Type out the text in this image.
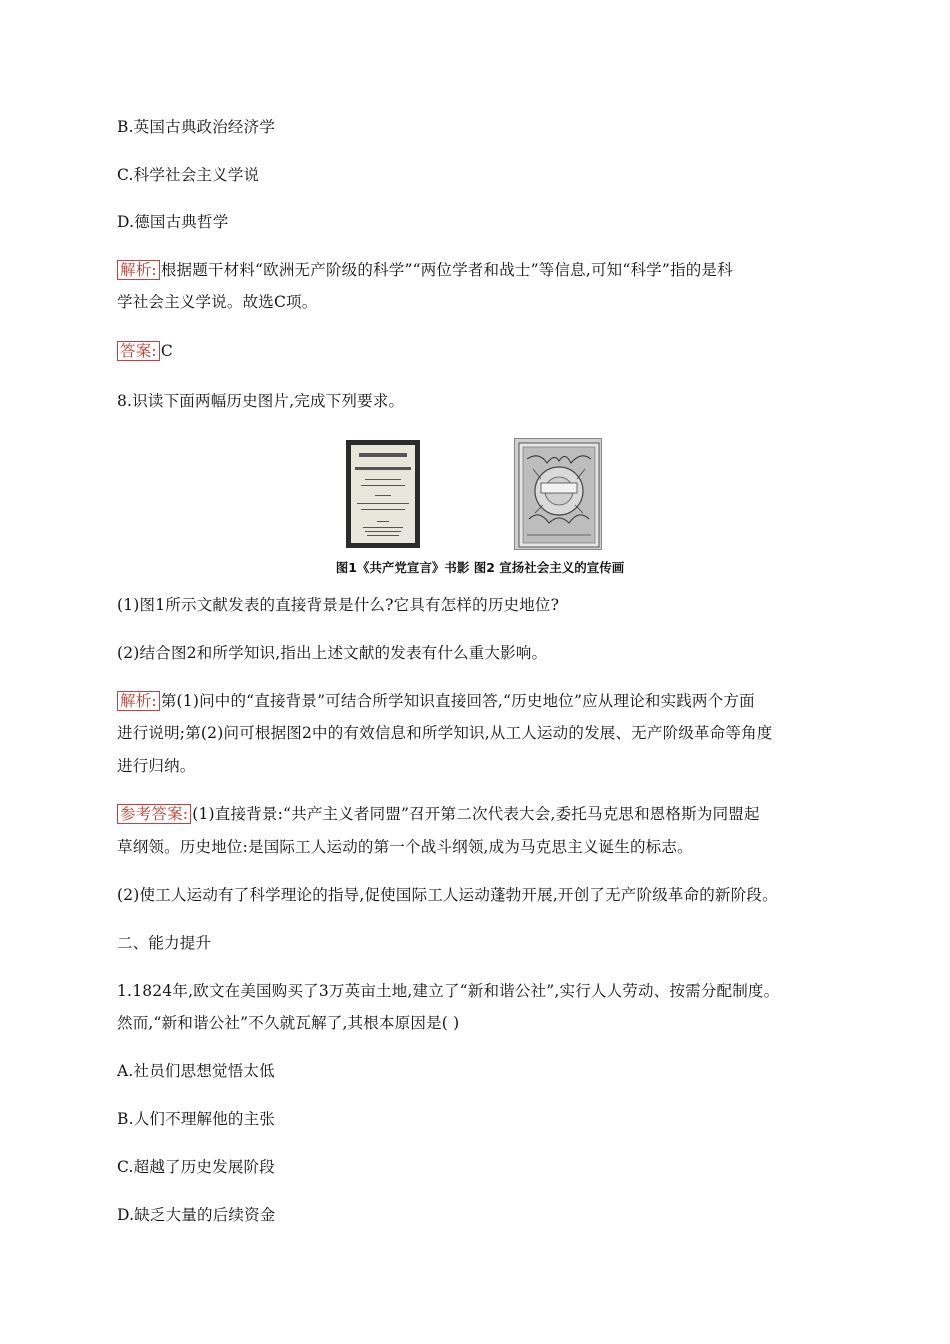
B.英国古典政治经济学
C.科学社会主义学说
D.德国古典哲学
解析: 根据题干材料“欧洲无产阶级的科学”“两位学者和战士”等信息,可知“科学”指的是科
学社会主义学说。故选C项。
答案: C
8.识读下面两幅历史图片,完成下列要求。
图1《共产党宣言》书影 图2 宣扬社会主义的宣传画
(1)图1所示文献发表的直接背景是什么?它具有怎样的历史地位?
(2)结合图2和所学知识,指出上述文献的发表有什么重大影响。
解析: 第(1)问中的“直接背景”可结合所学知识直接回答,“历史地位”应从理论和实践两个方面
进行说明;第(2)问可根据图2中的有效信息和所学知识,从工人运动的发展、无产阶级革命等角度
进行归纳。
参考答案: (1)直接背景:“共产主义者同盟”召开第二次代表大会,委托马克思和恩格斯为同盟起
草纲领。历史地位:是国际工人运动的第一个战斗纲领,成为马克思主义诞生的标志。
(2)使工人运动有了科学理论的指导,促使国际工人运动蓬勃开展,开创了无产阶级革命的新阶段。
二、能力提升
1.1824年,欧文在美国购买了3万英亩土地,建立了“新和谐公社”,实行人人劳动、按需分配制度。
然而,“新和谐公社”不久就瓦解了,其根本原因是( )
A.社员们思想觉悟太低
B.人们不理解他的主张
C.超越了历史发展阶段
D.缺乏大量的后续资金
